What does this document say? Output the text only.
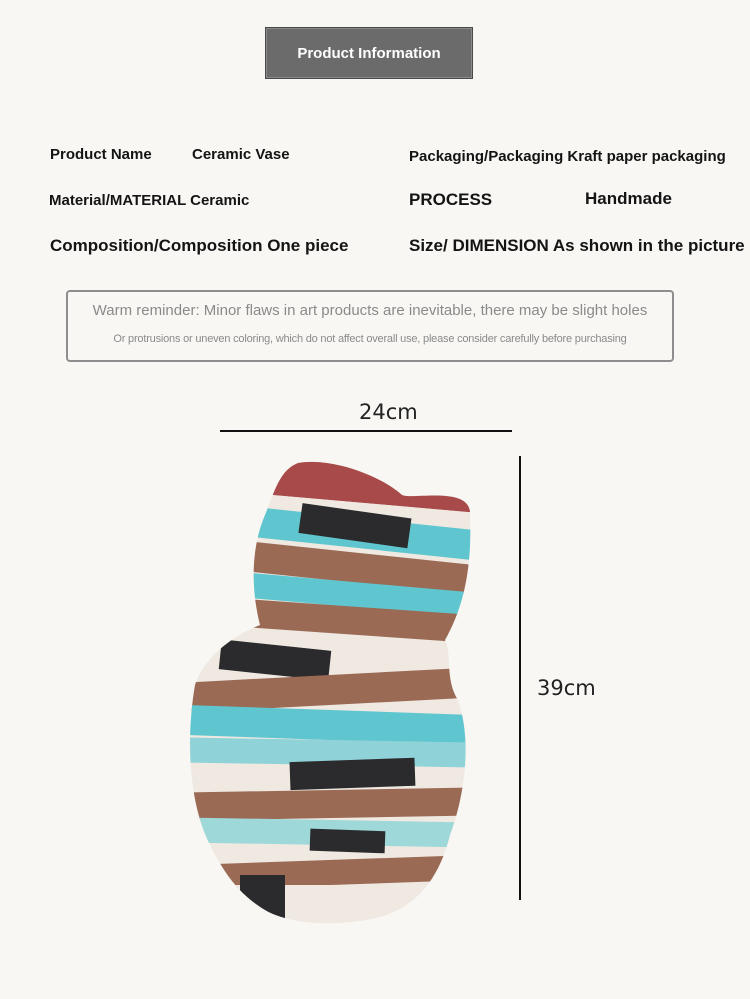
Product Information
Product Name	Ceramic Vase	Packaging/Packaging Kraft paper packaging
Material/MATERIAL Ceramic	PROCESS	Handmade
Composition/Composition One piece	Size/ DIMENSION As shown in the picture
Warm reminder: Minor flaws in art products are inevitable, there may be slight holes
Or protrusions or uneven coloring, which do not affect overall use, please consider carefully before purchasing
24cm
39cm
